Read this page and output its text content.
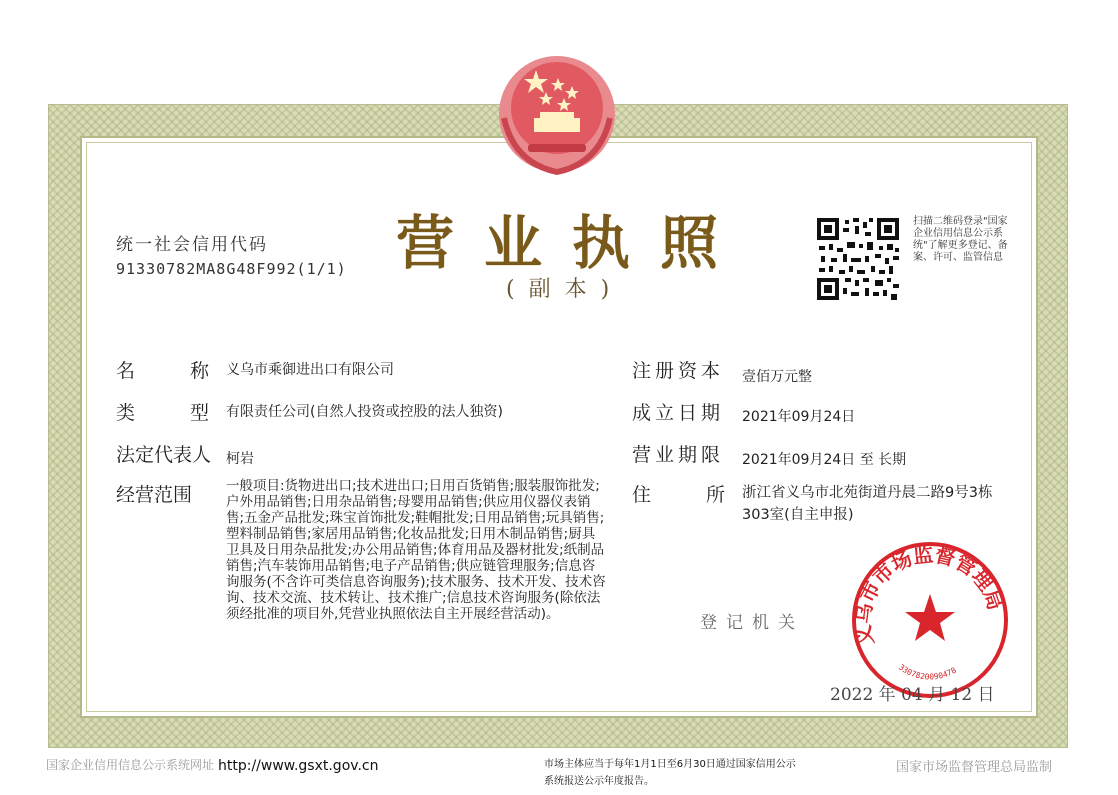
统一社会信用代码
91330782MA8G48F992(1/1) 营业执照
(副本)
扫描二维码登录"国家企业信用信息公示系统"了解更多登记、备案、许可、监管信息
名	称 义乌市乘御进出口有限公司
类	型 有限责任公司(自然人投资或控股的法人独资)
法定代表人 柯岩
经营范围	一般项目:货物进出口;技术进出口;日用百货销售;服装服饰批发;户外用品销售;日用杂品销售;母婴用品销售;供应用仪器仪表销售;五金产品批发;珠宝首饰批发;鞋帽批发;日用品销售;玩具销售;塑料制品销售;家居用品销售;化妆品批发;日用木制品销售;厨具卫具及日用杂品批发;办公用品销售;体育用品及器材批发;纸制品销售;汽车装饰用品销售;电子产品销售;供应链管理服务;信息咨询服务(不含许可类信息咨询服务);技术服务、技术开发、技术咨询、技术交流、技术转让、技术推广;信息技术咨询服务(除依法须经批准的项目外,凭营业执照依法自主开展经营活动)。
注册资本 壹佰万元整
成立日期 2021年09月24日
营业期限 2021年09月24日 至 长期
住	所 浙江省义乌市北苑街道丹晨二路9号3栋303室(自主申报)
登记机关
义乌市市场监督管理局
3307820090478
2022 年 04 月 12 日
国家企业信用信息公示系统网址 http://www.gsxt.gov.cn	市场主体应当于每年1月1日至6月30日通过国家信用公示系统报送公示年度报告。
国家市场监督管理总局监制
